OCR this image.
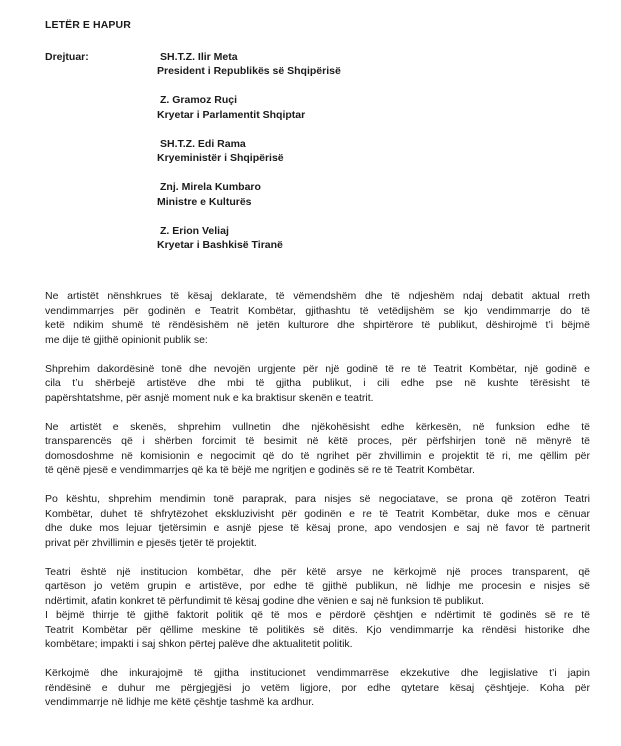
LETËR E HAPUR
Drejtuar:	SH.T.Z. Ilir Meta
President i Republikës së Shqipërisë
Z. Gramoz Ruçi
Kryetar i Parlamentit Shqiptar
SH.T.Z. Edi Rama
Kryeministër i Shqipërisë
Znj. Mirela Kumbaro
Ministre e Kulturës
Z. Erion Veliaj
Kryetar i Bashkisë Tiranë
Ne artistët nënshkrues të kësaj deklarate, të vëmendshëm dhe të ndjeshëm ndaj debatit aktual rreth
vendimmarrjes për godinën e Teatrit Kombëtar, gjithashtu të vetëdijshëm se kjo vendimmarrje do të
ketë ndikim shumë të rëndësishëm në jetën kulturore dhe shpirtërore të publikut, dëshirojmë t’i bëjmë
me dije të gjithë opinionit publik se:
Shprehim dakordësinë tonë dhe nevojën urgjente për një godinë të re të Teatrit Kombëtar, një godinë e
cila t’u shërbejë artistëve dhe mbi të gjitha publikut, i cili edhe pse në kushte tërësisht të
papërshtatshme, për asnjë moment nuk e ka braktisur skenën e teatrit.
Ne artistët e skenës, shprehim vullnetin dhe njëkohësisht edhe kërkesën, në funksion edhe të
transparencës që i shërben forcimit të besimit në këtë proces, për përfshirjen tonë në mënyrë të
domosdoshme në komisionin e negocimit që do të ngrihet për zhvillimin e projektit të ri, me qëllim për
të qënë pjesë e vendimmarrjes që ka të bëjë me ngritjen e godinës së re të Teatrit Kombëtar.
Po kështu, shprehim mendimin tonë paraprak, para nisjes së negociatave, se prona që zotëron Teatri
Kombëtar, duhet të shfrytëzohet ekskluzivisht për godinën e re të Teatrit Kombëtar, duke mos e cënuar
dhe duke mos lejuar tjetërsimin e asnjë pjese të kësaj prone, apo vendosjen e saj në favor të partnerit
privat për zhvillimin e pjesës tjetër të projektit.
Teatri është një institucion kombëtar, dhe për këtë arsye ne kërkojmë një proces transparent, që
qartëson jo vetëm grupin e artistëve, por edhe të gjithë publikun, në lidhje me procesin e nisjes së
ndërtimit, afatin konkret të përfundimit të kësaj godine dhe vënien e saj në funksion të publikut.
I bëjmë thirrje të gjithë faktorit politik që të mos e përdorë çështjen e ndërtimit të godinës së re të
Teatrit Kombëtar për qëllime meskine të politikës së ditës. Kjo vendimmarrje ka rëndësi historike dhe
kombëtare; impakti i saj shkon përtej palëve dhe aktualitetit politik.
Kërkojmë dhe inkurajojmë të gjitha institucionet vendimmarrëse ekzekutive dhe legjislative t’i japin
rëndësinë e duhur me përgjegjësi jo vetëm ligjore, por edhe qytetare kësaj çështjeje. Koha për
vendimmarrje në lidhje me këtë çështje tashmë ka ardhur.
